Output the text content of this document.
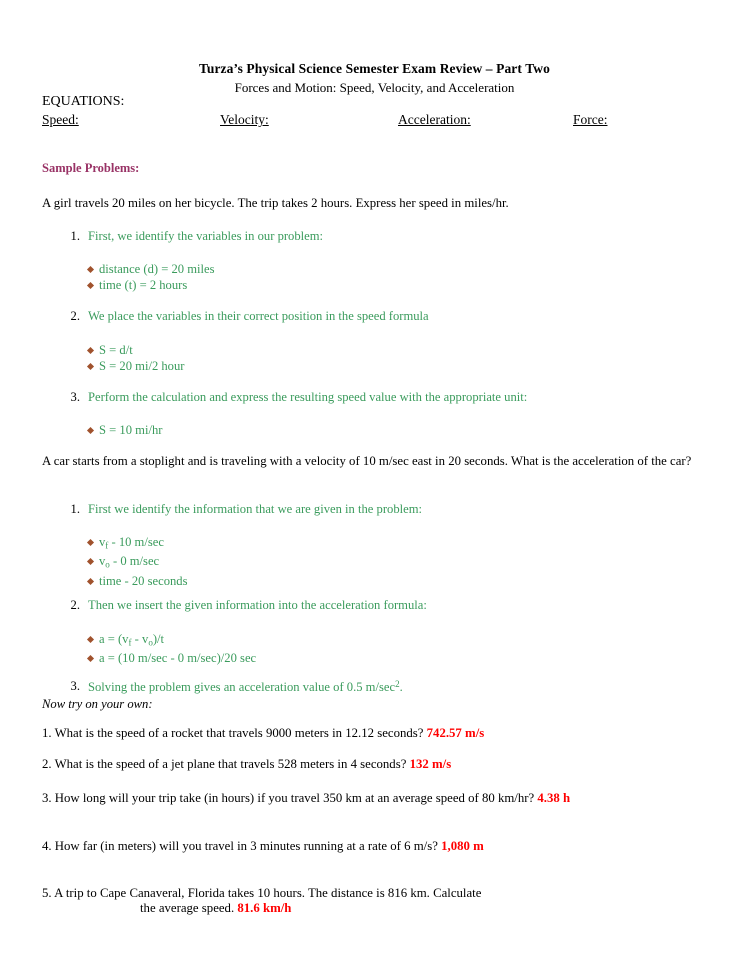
Turza’s Physical Science Semester Exam Review – Part Two
Forces and Motion: Speed, Velocity, and Acceleration
EQUATIONS:
Speed:	Velocity:	Acceleration:	Force:
Sample Problems:
A girl travels 20 miles on her bicycle. The trip takes 2 hours. Express her speed in miles/hr.
1. First, we identify the variables in our problem:
distance (d) = 20 miles
time (t) = 2 hours
2. We place the variables in their correct position in the speed formula
S = d/t
S = 20 mi/2 hour
3. Perform the calculation and express the resulting speed value with the appropriate unit:
S = 10 mi/hr
A car starts from a stoplight and is traveling with a velocity of 10 m/sec east in 20 seconds. What is the acceleration of the car?
1. First we identify the information that we are given in the problem:
$v_f - 10$ m/sec
$v_o - 0$ m/sec
time - 20 seconds
2. Then we insert the given information into the acceleration formula:
$a = (v_f - v_o)/t$
a = (10 m/sec - 0 m/sec)/20 sec
3. Solving the problem gives an acceleration value of 0.5 $m/\sec^2$.
Now try on your own:
1. What is the speed of a rocket that travels 9000 meters in 12.12 seconds? 742.57 m/s
2. What is the speed of a jet plane that travels 528 meters in 4 seconds? 132 m/s
3. How long will your trip take (in hours) if you travel 350 km at an average speed of 80 km/hr? 4.38 h
4. How far (in meters) will you travel in 3 minutes running at a rate of 6 m/s? 1,080 m
5. A trip to Cape Canaveral, Florida takes 10 hours. The distance is 816 km. Calculate
the average speed. 81.6 km/h
